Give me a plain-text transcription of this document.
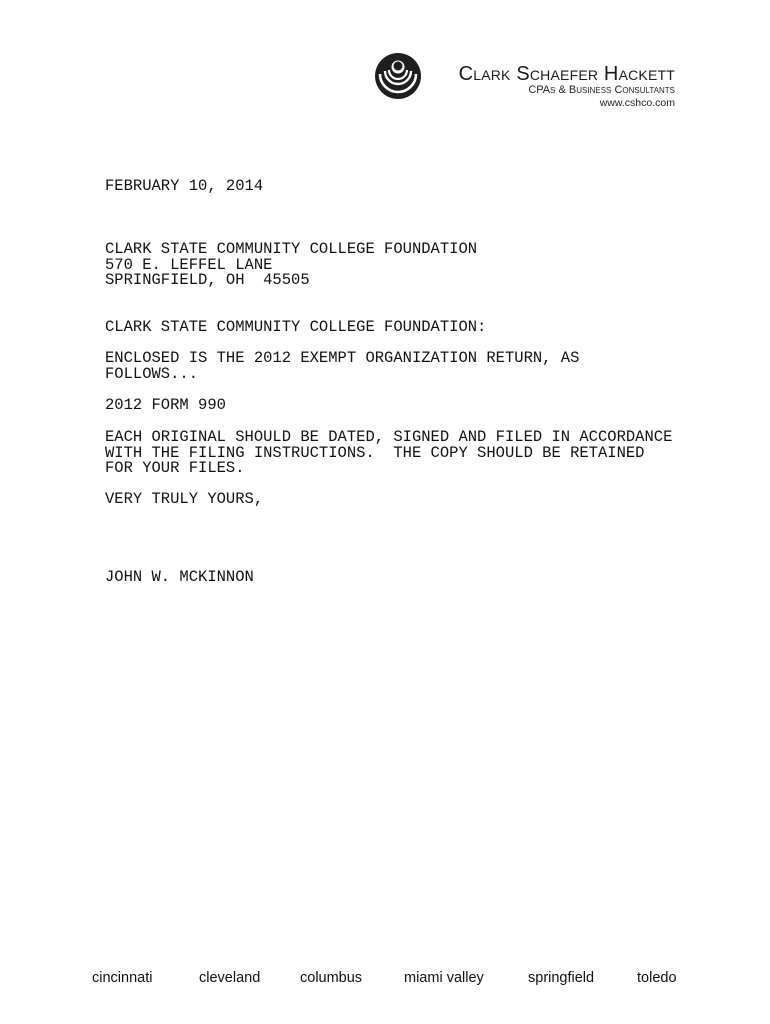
Clark Schaefer Hackett
CPAs & Business Consultants
www.cshco.com
FEBRUARY 10, 2014
CLARK STATE COMMUNITY COLLEGE FOUNDATION
570 E. LEFFEL LANE
SPRINGFIELD, OH  45505
CLARK STATE COMMUNITY COLLEGE FOUNDATION:
ENCLOSED IS THE 2012 EXEMPT ORGANIZATION RETURN, AS
FOLLOWS...
2012 FORM 990
EACH ORIGINAL SHOULD BE DATED, SIGNED AND FILED IN ACCORDANCE
WITH THE FILING INSTRUCTIONS.  THE COPY SHOULD BE RETAINED
FOR YOUR FILES.
VERY TRULY YOURS,
JOHN W. MCKINNON
cincinnati	cleveland	columbus	miami valley	springfield	toledo
